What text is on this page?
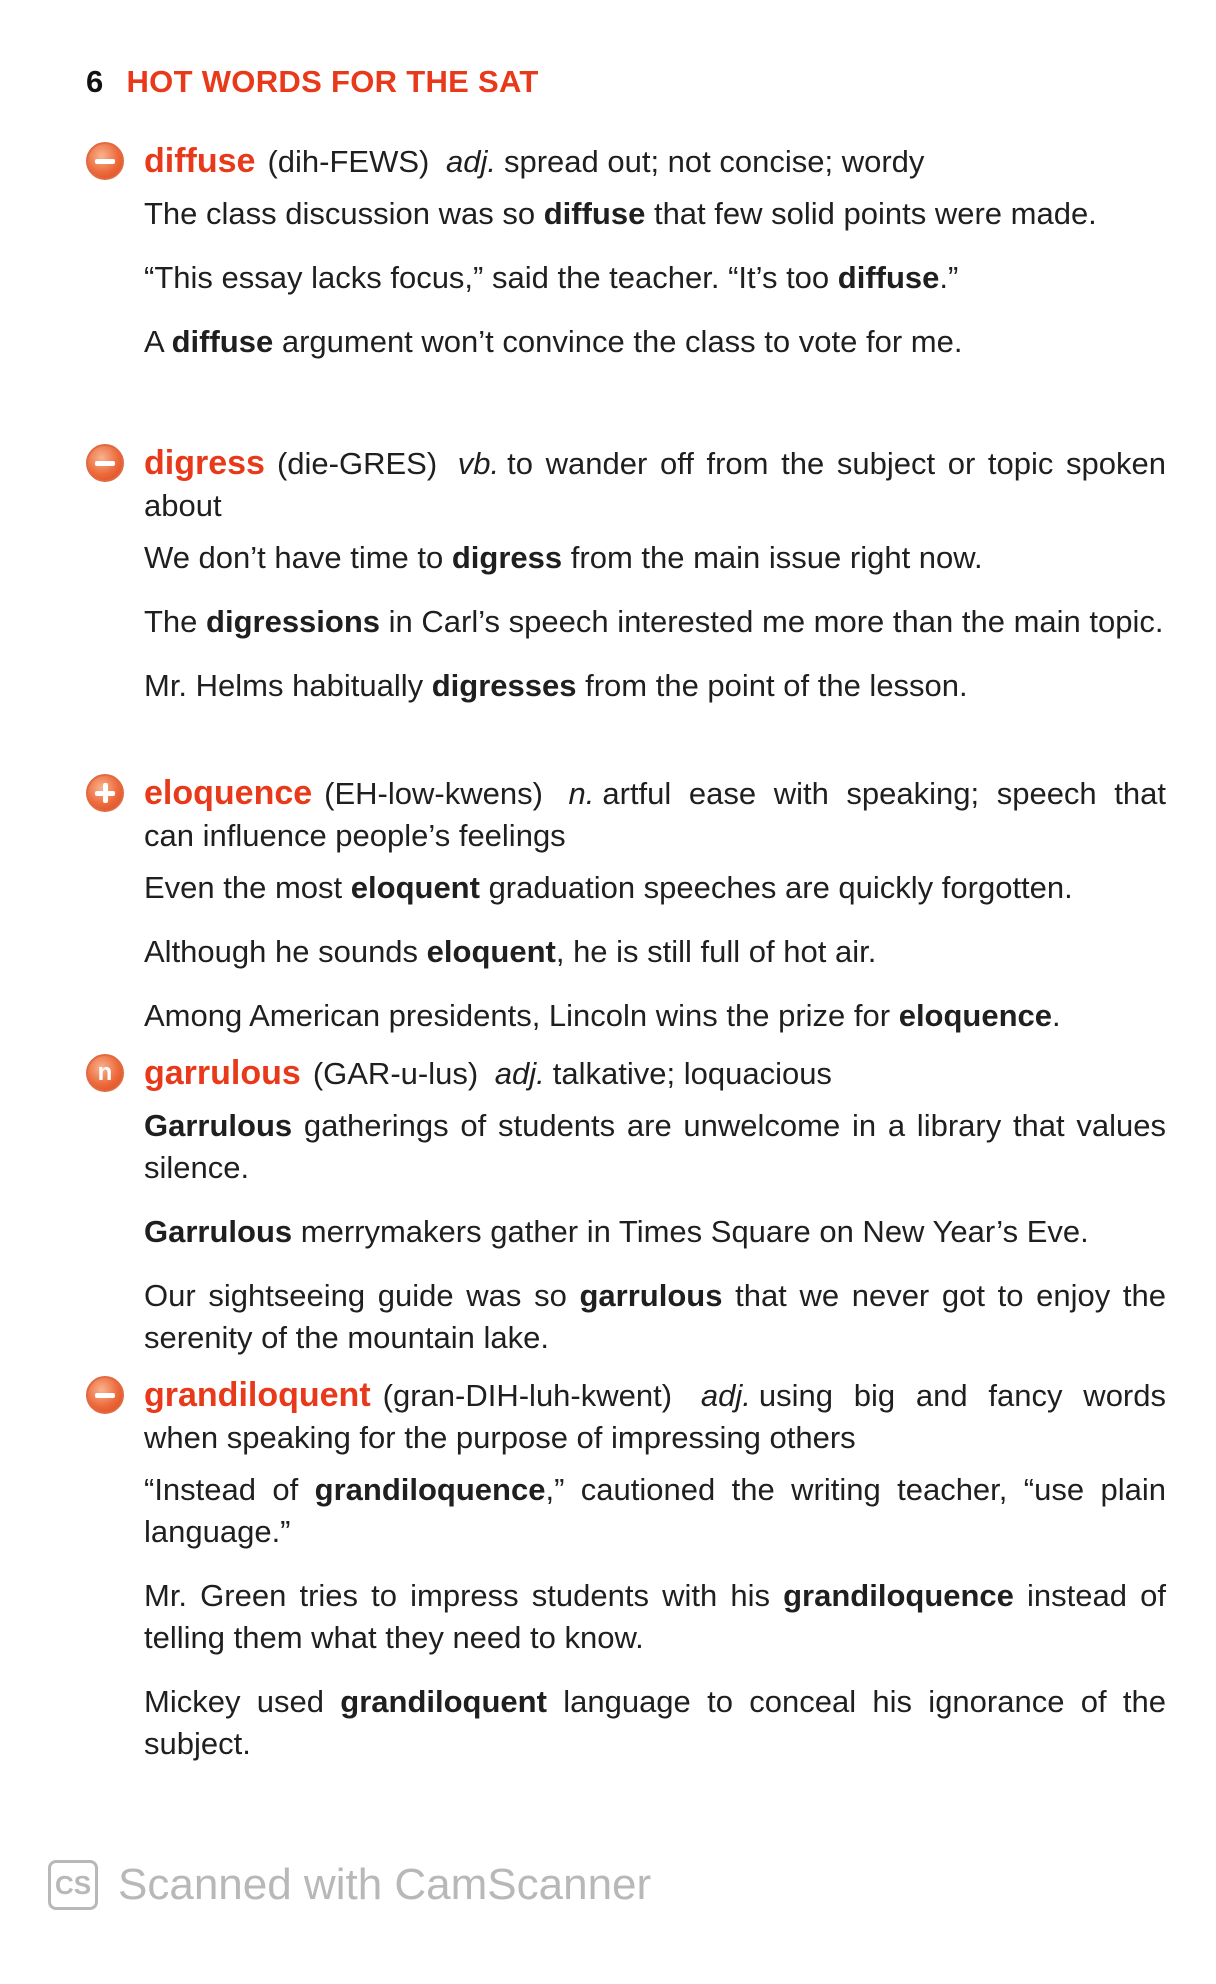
6 HOT WORDS FOR THE SAT
diffuse (dih-FEWS) adj. spread out; not concise; wordy
The class discussion was so diffuse that few solid points were made.
“This essay lacks focus,” said the teacher. “It’s too diffuse.”
A diffuse argument won’t convince the class to vote for me.
digress (die-GRES) vb. to wander off from the subject or topic spoken about
We don’t have time to digress from the main issue right now.
The digressions in Carl’s speech interested me more than the main topic.
Mr. Helms habitually digresses from the point of the lesson.
eloquence (EH-low-kwens) n. artful ease with speaking; speech that can influence people’s feelings
Even the most eloquent graduation speeches are quickly forgotten.
Although he sounds eloquent, he is still full of hot air.
Among American presidents, Lincoln wins the prize for eloquence.
n
garrulous (GAR-u-lus) adj. talkative; loquacious
Garrulous gatherings of students are unwelcome in a library that values silence.
Garrulous merrymakers gather in Times Square on New Year’s Eve.
Our sightseeing guide was so garrulous that we never got to enjoy the serenity of the mountain lake.
grandiloquent (gran-DIH-luh-kwent) adj. using big and fancy words when speaking for the purpose of impressing others
“Instead of grandiloquence,” cautioned the writing teacher, “use plain language.”
Mr. Green tries to impress students with his grandiloquence instead of telling them what they need to know.
Mickey used grandiloquent language to conceal his ignorance of the subject.
CS Scanned with CamScanner
